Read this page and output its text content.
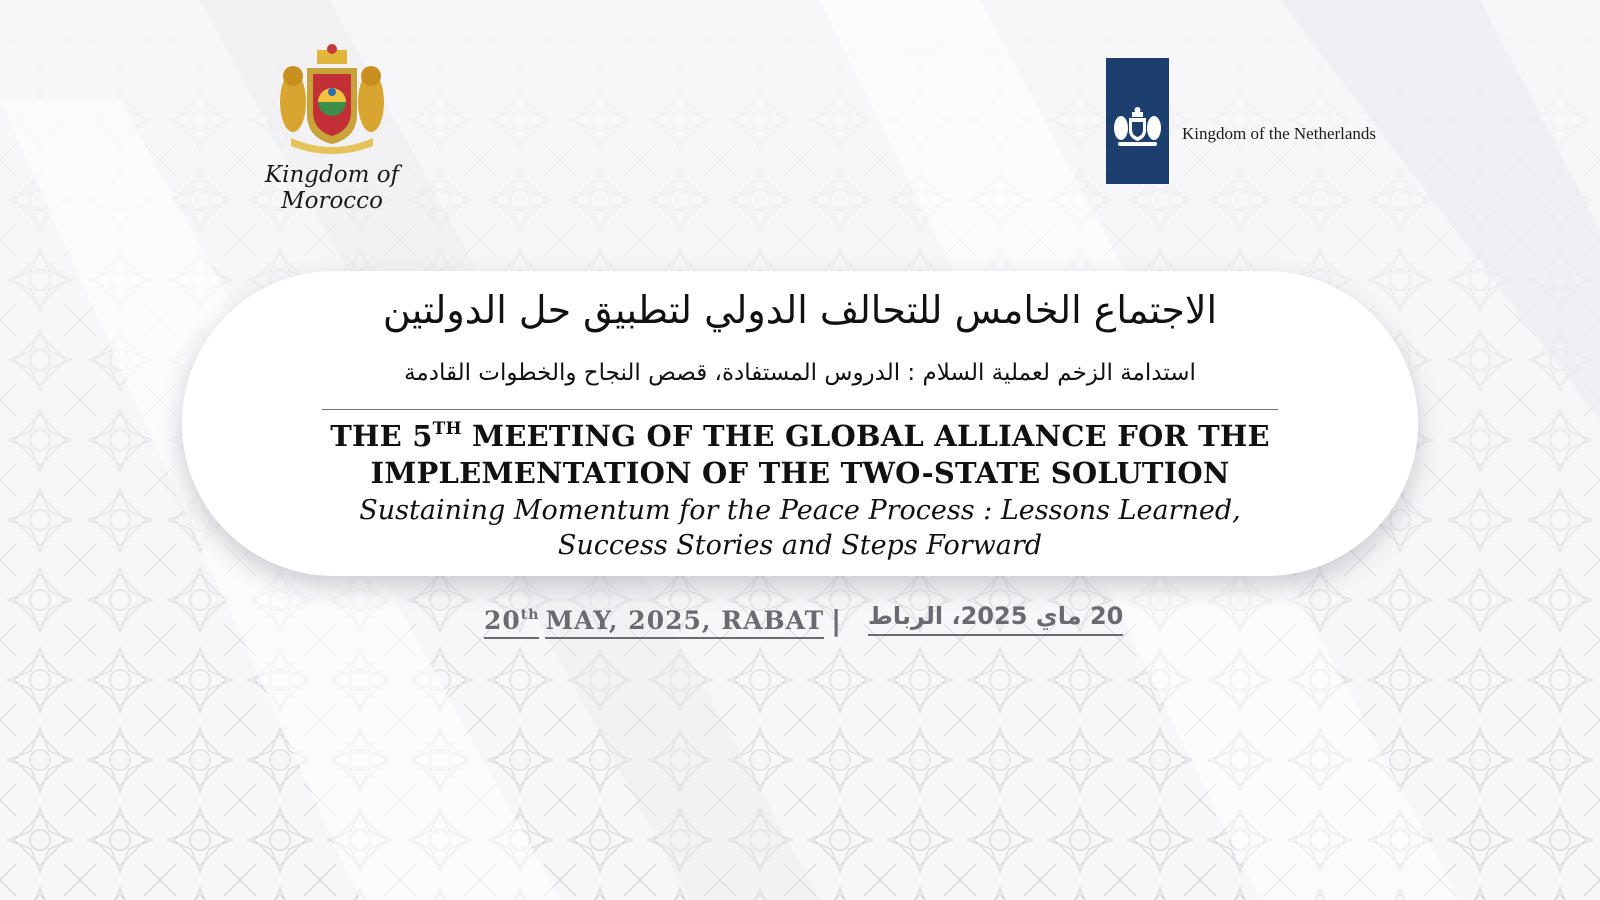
Kingdom of Morocco
Kingdom of the Netherlands
الاجتماع الخامس للتحالف الدولي لتطبيق حل الدولتين
استدامة الزخم لعملية السلام : الدروس المستفادة، قصص النجاح والخطوات القادمة
THE 5TH MEETING OF THE GLOBAL ALLIANCE FOR THE
IMPLEMENTATION OF THE TWO-STATE SOLUTION
Sustaining Momentum for the Peace Process : Lessons Learned,
Success Stories and Steps Forward
20th MAY, 2025, RABAT | 20 ماي 2025، الرباط
